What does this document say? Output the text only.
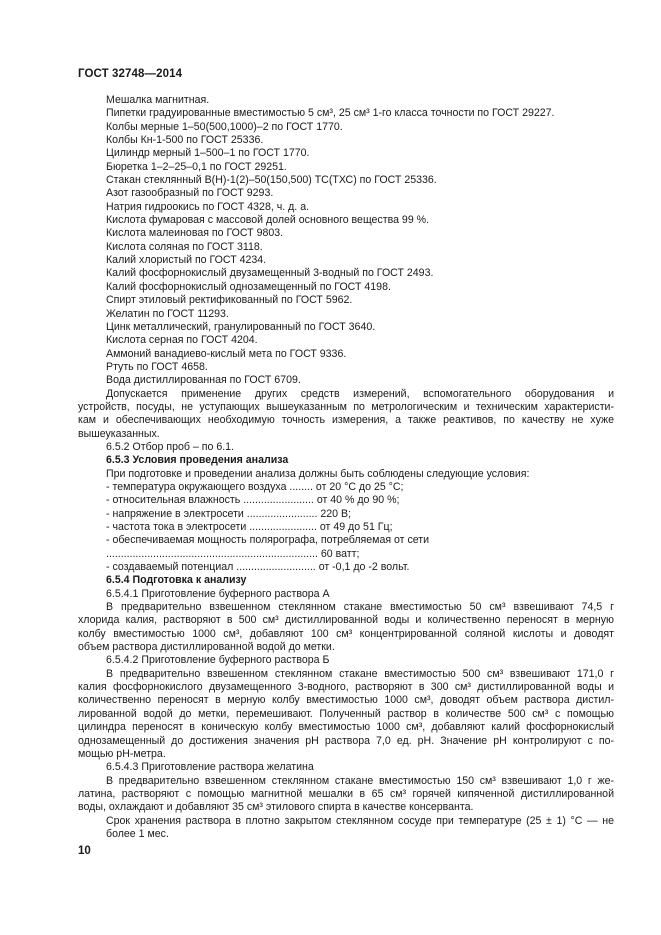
ГОСТ 32748—2014
Мешалка магнитная.
Пипетки градуированные вместимостью 5 см³, 25 см³ 1-го класса точности по ГОСТ 29227.
Колбы мерные 1–50(500,1000)–2 по ГОСТ 1770.
Колбы Кн-1-500 по ГОСТ 25336.
Цилиндр мерный 1–500–1 по ГОСТ 1770.
Бюретка 1–2–25–0,1 по ГОСТ 29251.
Стакан стеклянный В(Н)-1(2)–50(150,500) ТС(ТХС) по ГОСТ 25336.
Азот газообразный по ГОСТ 9293.
Натрия гидроокись по ГОСТ 4328, ч. д. а.
Кислота фумаровая с массовой долей основного вещества 99 %.
Кислота малеиновая по ГОСТ 9803.
Кислота соляная по ГОСТ 3118.
Калий хлористый по ГОСТ 4234.
Калий фосфорнокислый двузамещенный 3-водный по ГОСТ 2493.
Калий фосфорнокислый однозамещенный по ГОСТ 4198.
Спирт этиловый ректификованный по ГОСТ 5962.
Желатин по ГОСТ 11293.
Цинк металлический, гранулированный по ГОСТ 3640.
Кислота серная по ГОСТ 4204.
Аммоний ванадиево-кислый мета по ГОСТ 9336.
Ртуть по ГОСТ 4658.
Вода дистиллированная по ГОСТ 6709.
Допускается применение других средств измерений, вспомогательного оборудования и
устройств, посуды, не уступающих вышеуказанным по метрологическим и техническим характеристи-
кам и обеспечивающих необходимую точность измерения, а также реактивов, по качеству не хуже
вышеуказанных.
6.5.2 Отбор проб – по 6.1.
6.5.3 Условия проведения анализа
При подготовке и проведении анализа должны быть соблюдены следующие условия:
- температура окружающего воздуха ........ от 20 °C до 25 °C;
- относительная влажность ........................ от 40 % до 90 %;
- напряжение в электросети ........................ 220 В;
- частота тока в электросети ....................... от 49 до 51 Гц;
- обеспечиваемая мощность полярографа, потребляемая от сети
........................................................................ 60 ватт;
- создаваемый потенциал ........................... от -0,1 до -2 вольт.
6.5.4 Подготовка к анализу
6.5.4.1 Приготовление буферного раствора А
В предварительно взвешенном стеклянном стакане вместимостью 50 см³ взвешивают 74,5 г
хлорида калия, растворяют в 500 см³ дистиллированной воды и количественно переносят в мерную
колбу вместимостью 1000 см³, добавляют 100 см³ концентрированной соляной кислоты и доводят
объем раствора дистиллированной водой до метки.
6.5.4.2 Приготовление буферного раствора Б
В предварительно взвешенном стеклянном стакане вместимостью 500 см³ взвешивают 171,0 г
калия фосфорнокислого двузамещенного 3-водного, растворяют в 300 см³ дистиллированной воды и
количественно переносят в мерную колбу вместимостью 1000 см³, доводят объем раствора дистил-
лированной водой до метки, перемешивают. Полученный раствор в количестве 500 см³ с помощью
цилиндра переносят в коническую колбу вместимостью 1000 см³, добавляют калий фосфорнокислый
однозамещенный до достижения значения pH раствора 7,0 ед. pH. Значение pH контролируют с по-
мощью pH-метра.
6.5.4.3 Приготовление раствора желатина
В предварительно взвешенном стеклянном стакане вместимостью 150 см³ взвешивают 1,0 г же-
латина, растворяют с помощью магнитной мешалки в 65 см³ горячей кипяченной дистиллированной
воды, охлаждают и добавляют 35 см³ этилового спирта в качестве консерванта.
Срок хранения раствора в плотно закрытом стеклянном сосуде при температуре (25 ± 1) °С — не
более 1 мес.
10
